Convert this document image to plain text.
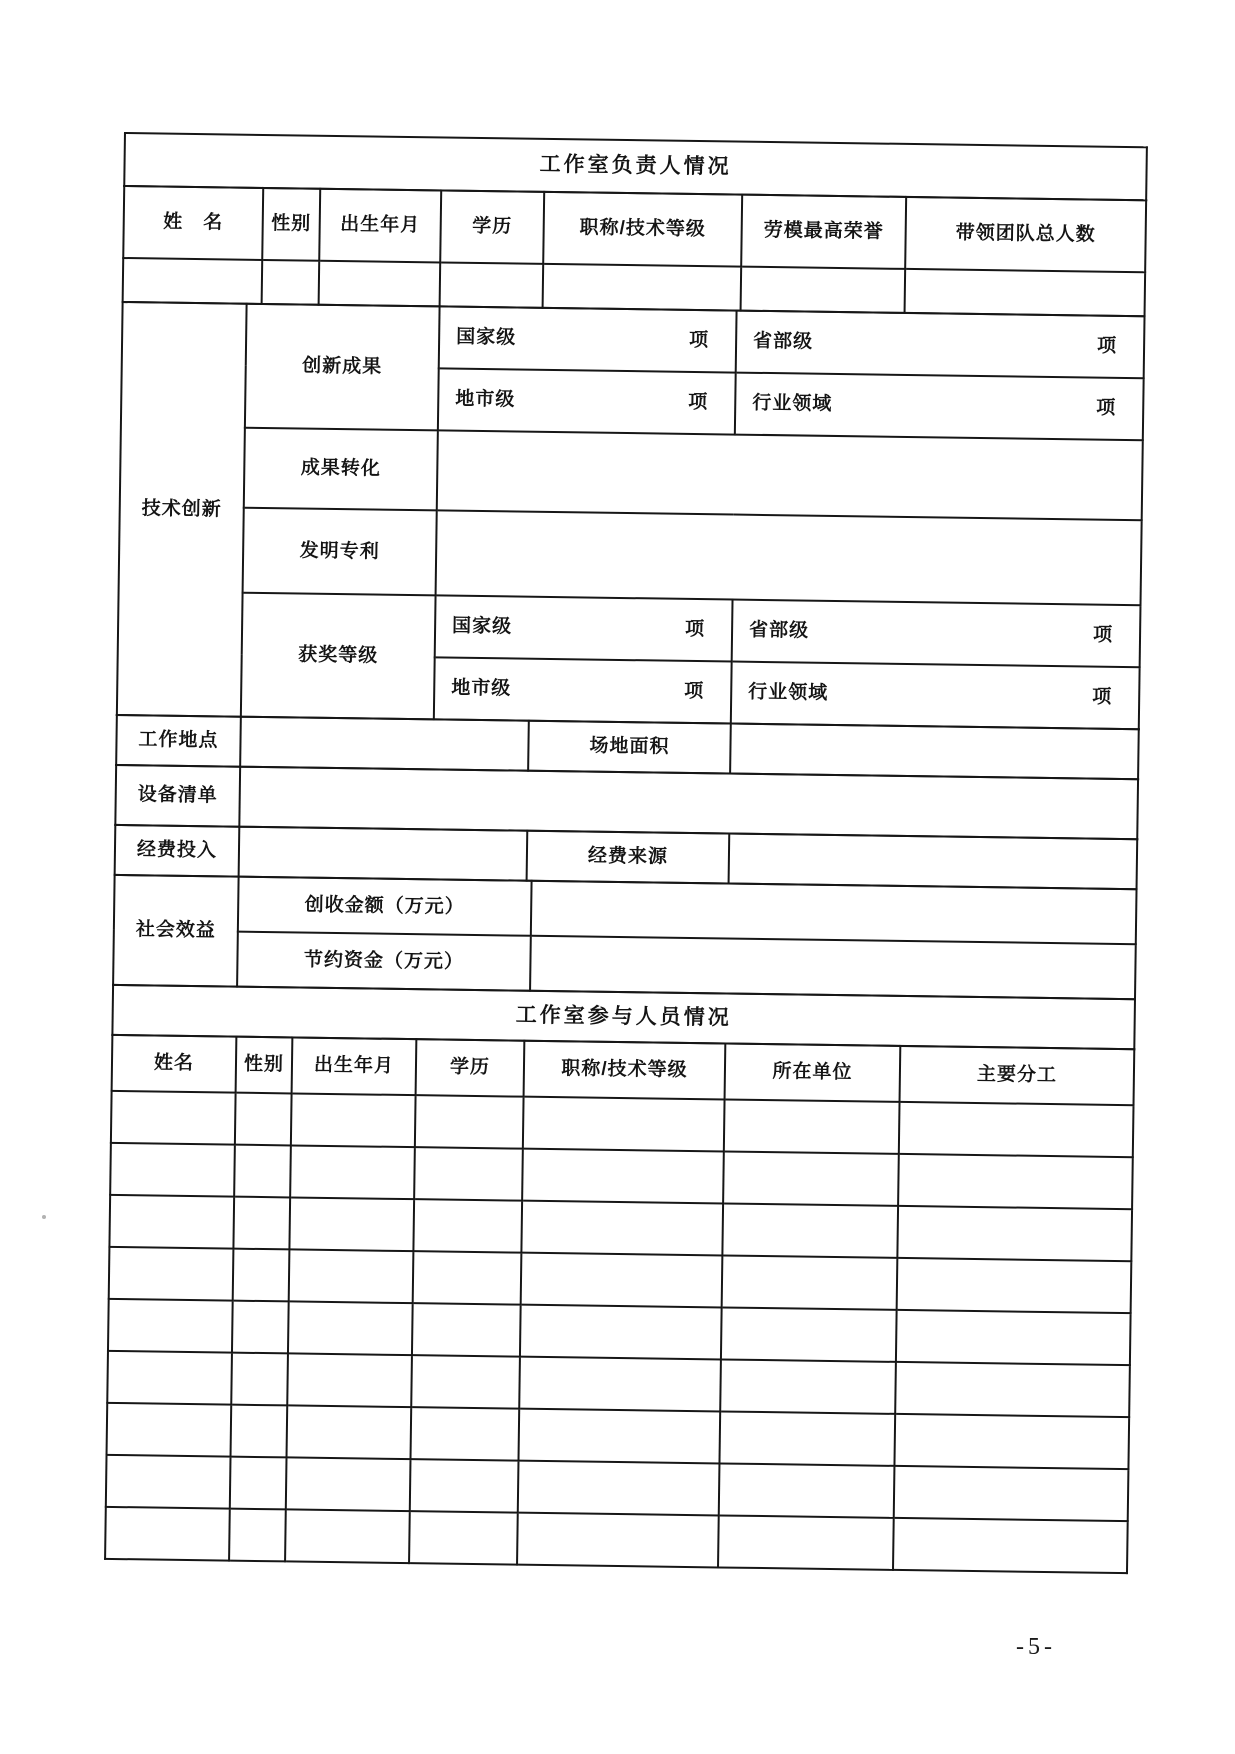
工作室负责人情况
姓　名	性别	出生年月	学历	职称/技术等级	劳模最高荣誉	带领团队总人数

技术创新	创新成果	国家级 项	省部级 项

		地市级 项	行业领域 项

	成果转化		
	发明专利		
	获奖等级	国家级 项	省部级 项

		地市级 项	行业领域 项
工作地点		场地面积	
设备清单	
经费投入		经费来源	
社会效益	创收金额（万元）	
	节约资金（万元）	
工作室参与人员情况
姓名	性别	出生年月	学历	职称/技术等级	所在单位	主要分工

-5-
